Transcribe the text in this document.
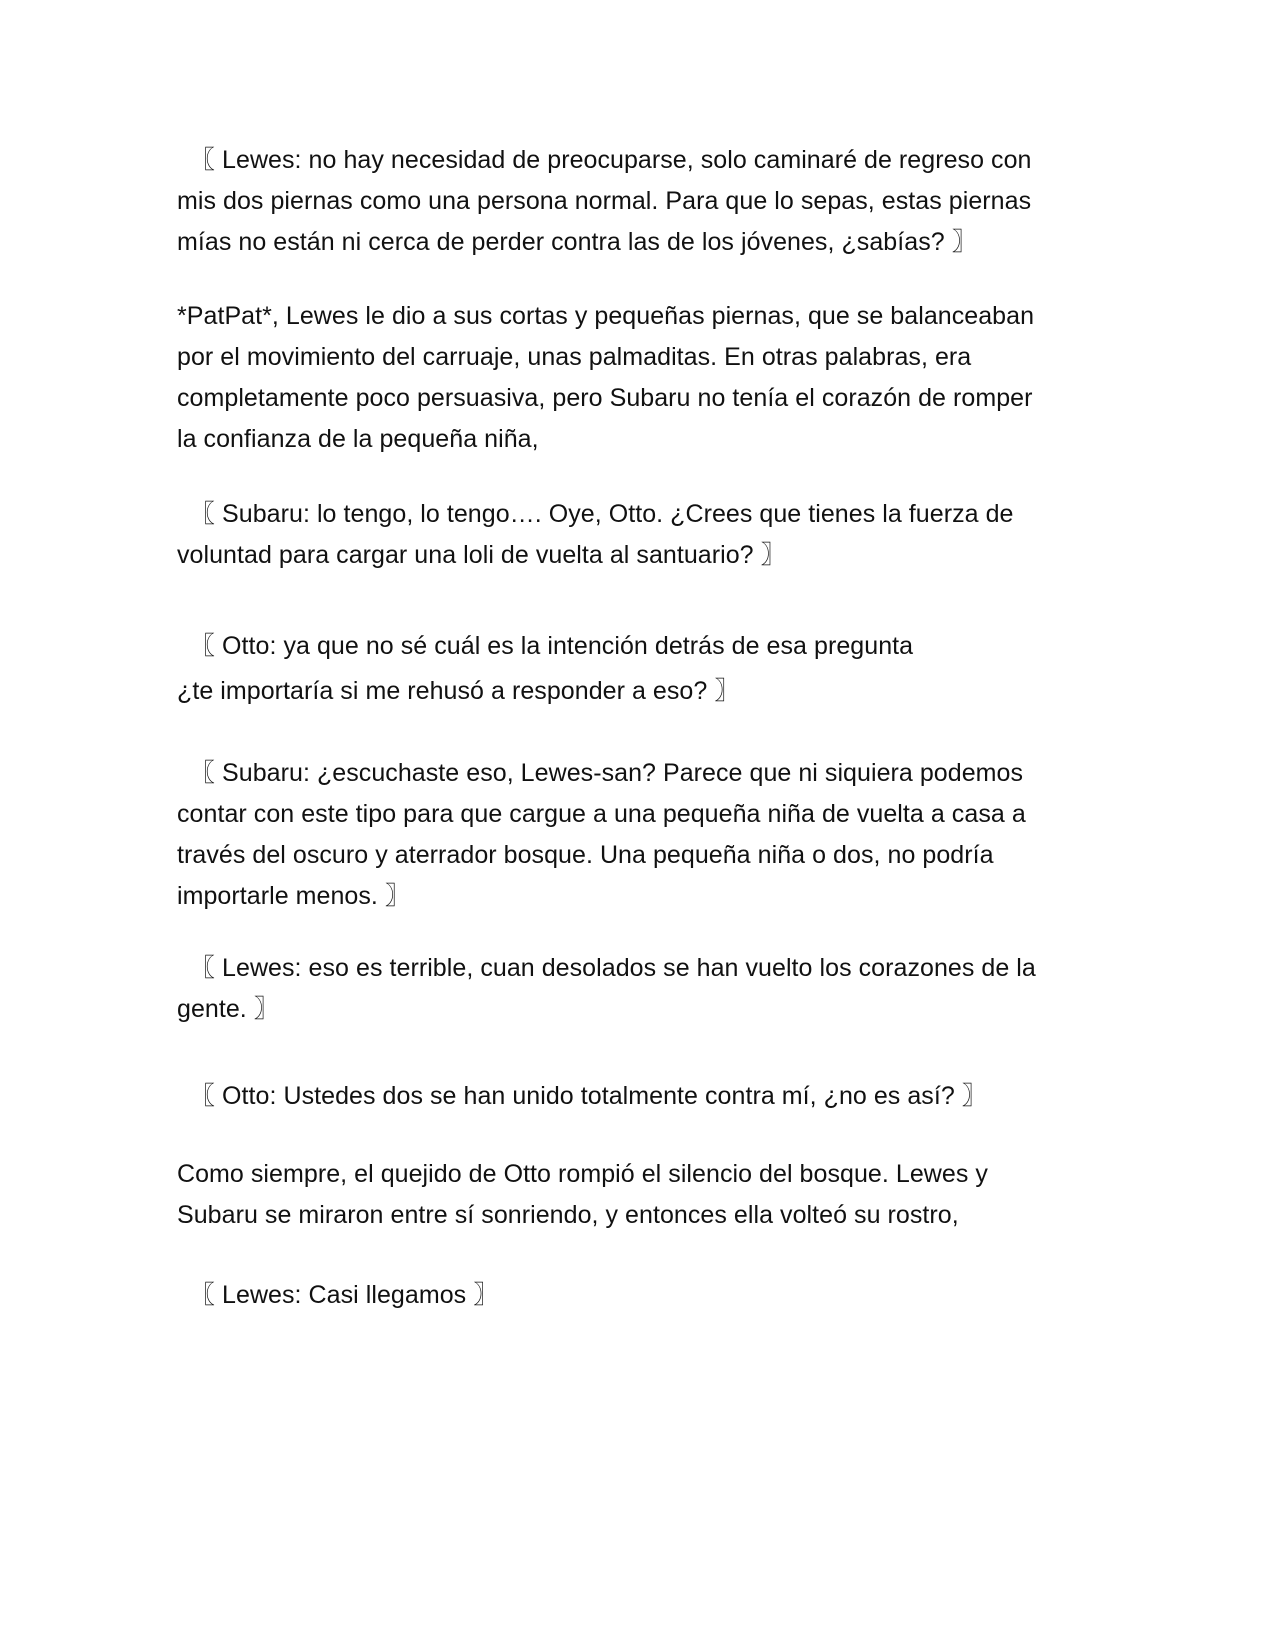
〖 Lewes: no hay necesidad de preocuparse, solo caminaré de regreso con
mis dos piernas como una persona normal. Para que lo sepas, estas piernas
mías no están ni cerca de perder contra las de los jóvenes, ¿sabías? 〗

*PatPat*, Lewes le dio a sus cortas y pequeñas piernas, que se balanceaban
por el movimiento del carruaje, unas palmaditas. En otras palabras, era
completamente poco persuasiva, pero Subaru no tenía el corazón de romper
la confianza de la pequeña niña,

〖 Subaru: lo tengo, lo tengo…. Oye, Otto. ¿Crees que tienes la fuerza de
voluntad para cargar una loli de vuelta al santuario? 〗

〖 Otto: ya que no sé cuál es la intención detrás de esa pregunta
¿te importaría si me rehusó a responder a eso? 〗

〖 Subaru: ¿escuchaste eso, Lewes-san? Parece que ni siquiera podemos
contar con este tipo para que cargue a una pequeña niña de vuelta a casa a
través del oscuro y aterrador bosque. Una pequeña niña o dos, no podría
importarle menos. 〗

〖 Lewes: eso es terrible, cuan desolados se han vuelto los corazones de la
gente. 〗

〖 Otto: Ustedes dos se han unido totalmente contra mí, ¿no es así? 〗

Como siempre, el quejido de Otto rompió el silencio del bosque. Lewes y
Subaru se miraron entre sí sonriendo, y entonces ella volteó su rostro,

〖 Lewes: Casi llegamos 〗
